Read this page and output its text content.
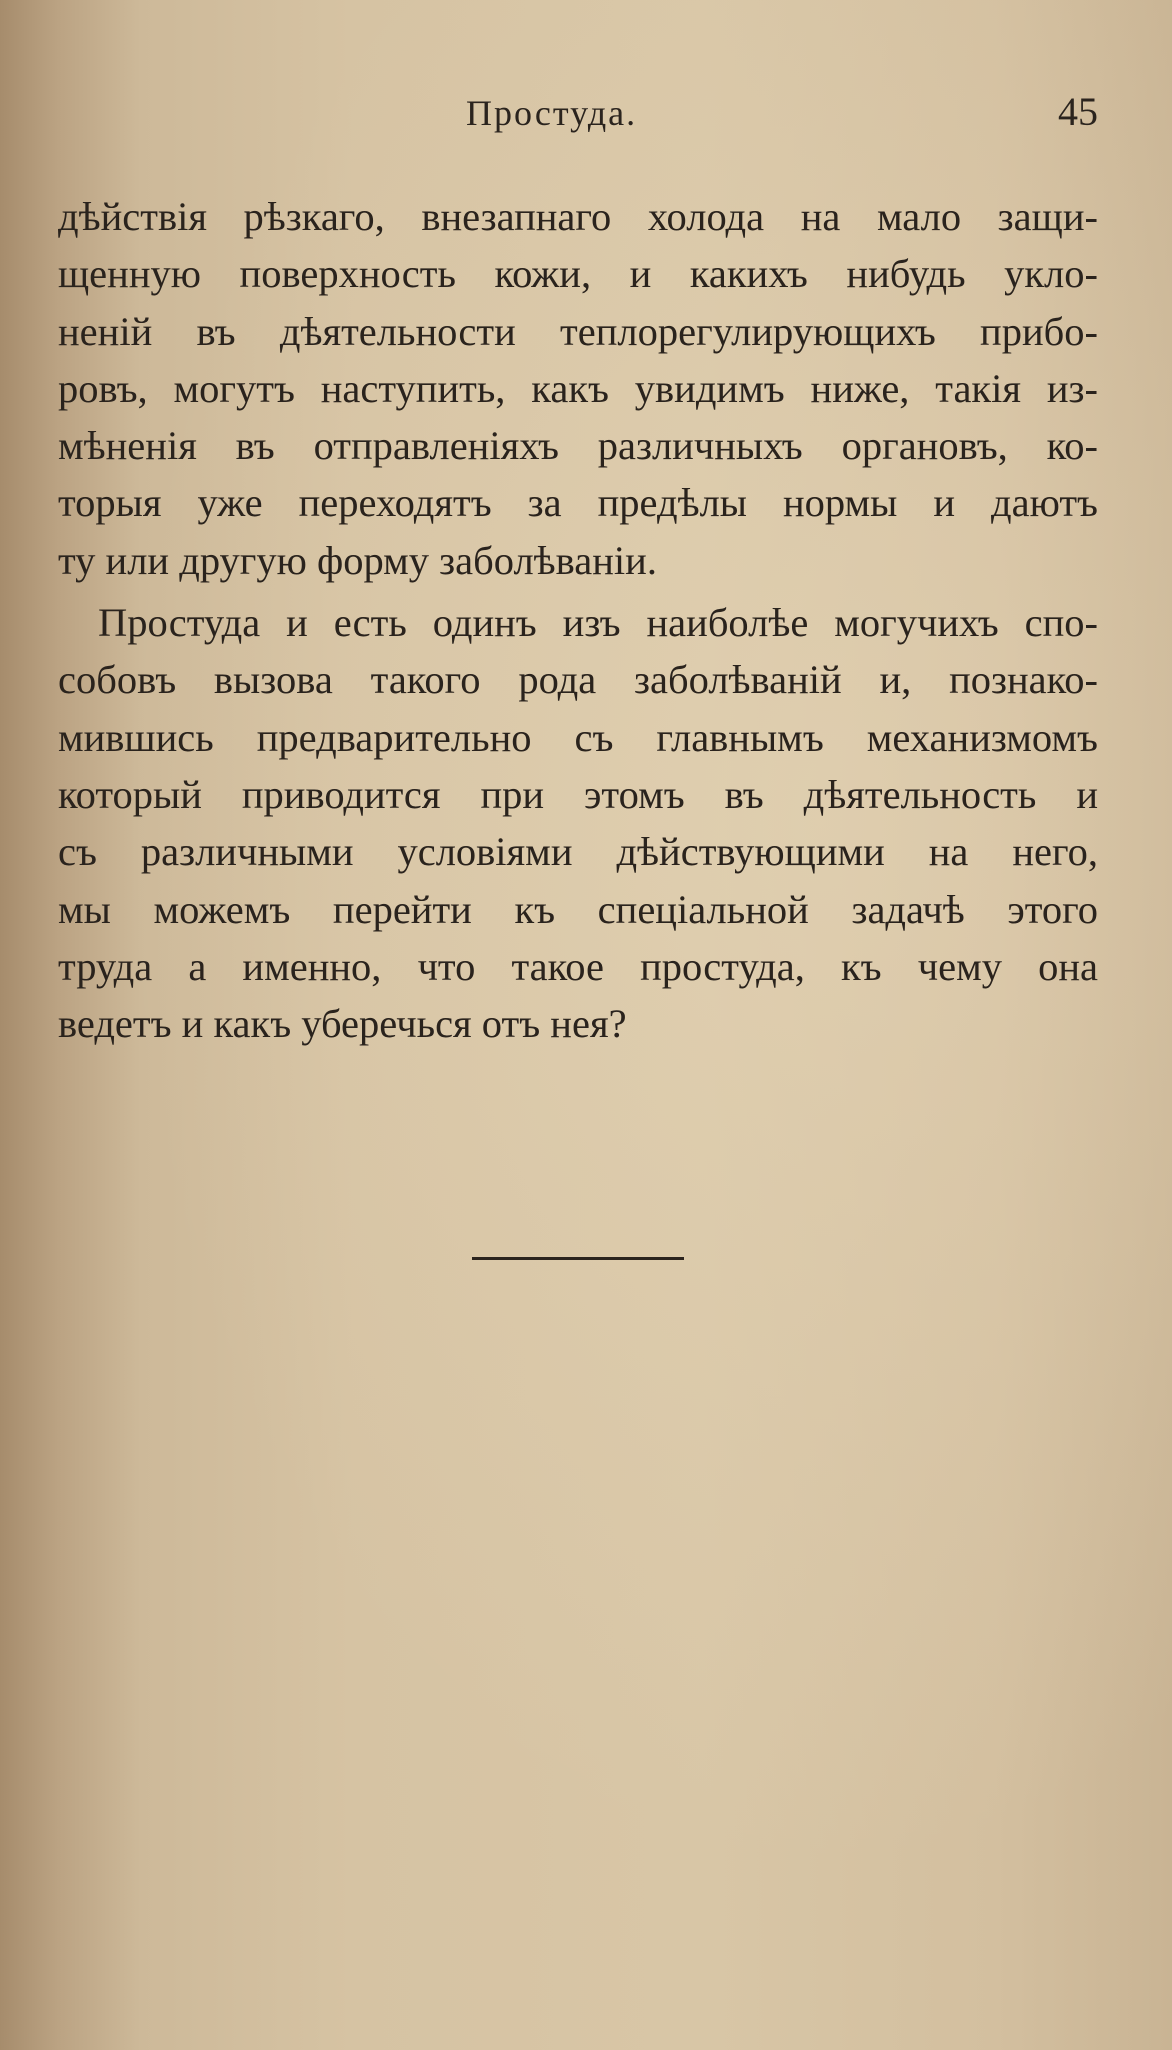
Простуда.	45
дѣйствія рѣзкаго, внезапнаго холода на мало защи-
щенную поверхность кожи, и какихъ нибудь укло-
неній въ дѣятельности теплорегулирующихъ прибо-
ровъ, могутъ наступить, какъ увидимъ ниже, такія из-
мѣненія въ отправленіяхъ различныхъ органовъ, ко-
торыя уже переходятъ за предѣлы нормы и даютъ
ту или другую форму заболѣваніи.
Простуда и есть одинъ изъ наиболѣе могучихъ спо-
собовъ вызова такого рода заболѣваній и, познако-
мившись предварительно съ главнымъ механизмомъ
который приводится при этомъ въ дѣятельность и
съ различными условіями дѣйствующими на него,
мы можемъ перейти къ спеціальной задачѣ этого
труда а именно, что такое простуда, къ чему она
ведетъ и какъ уберечься отъ нея?
